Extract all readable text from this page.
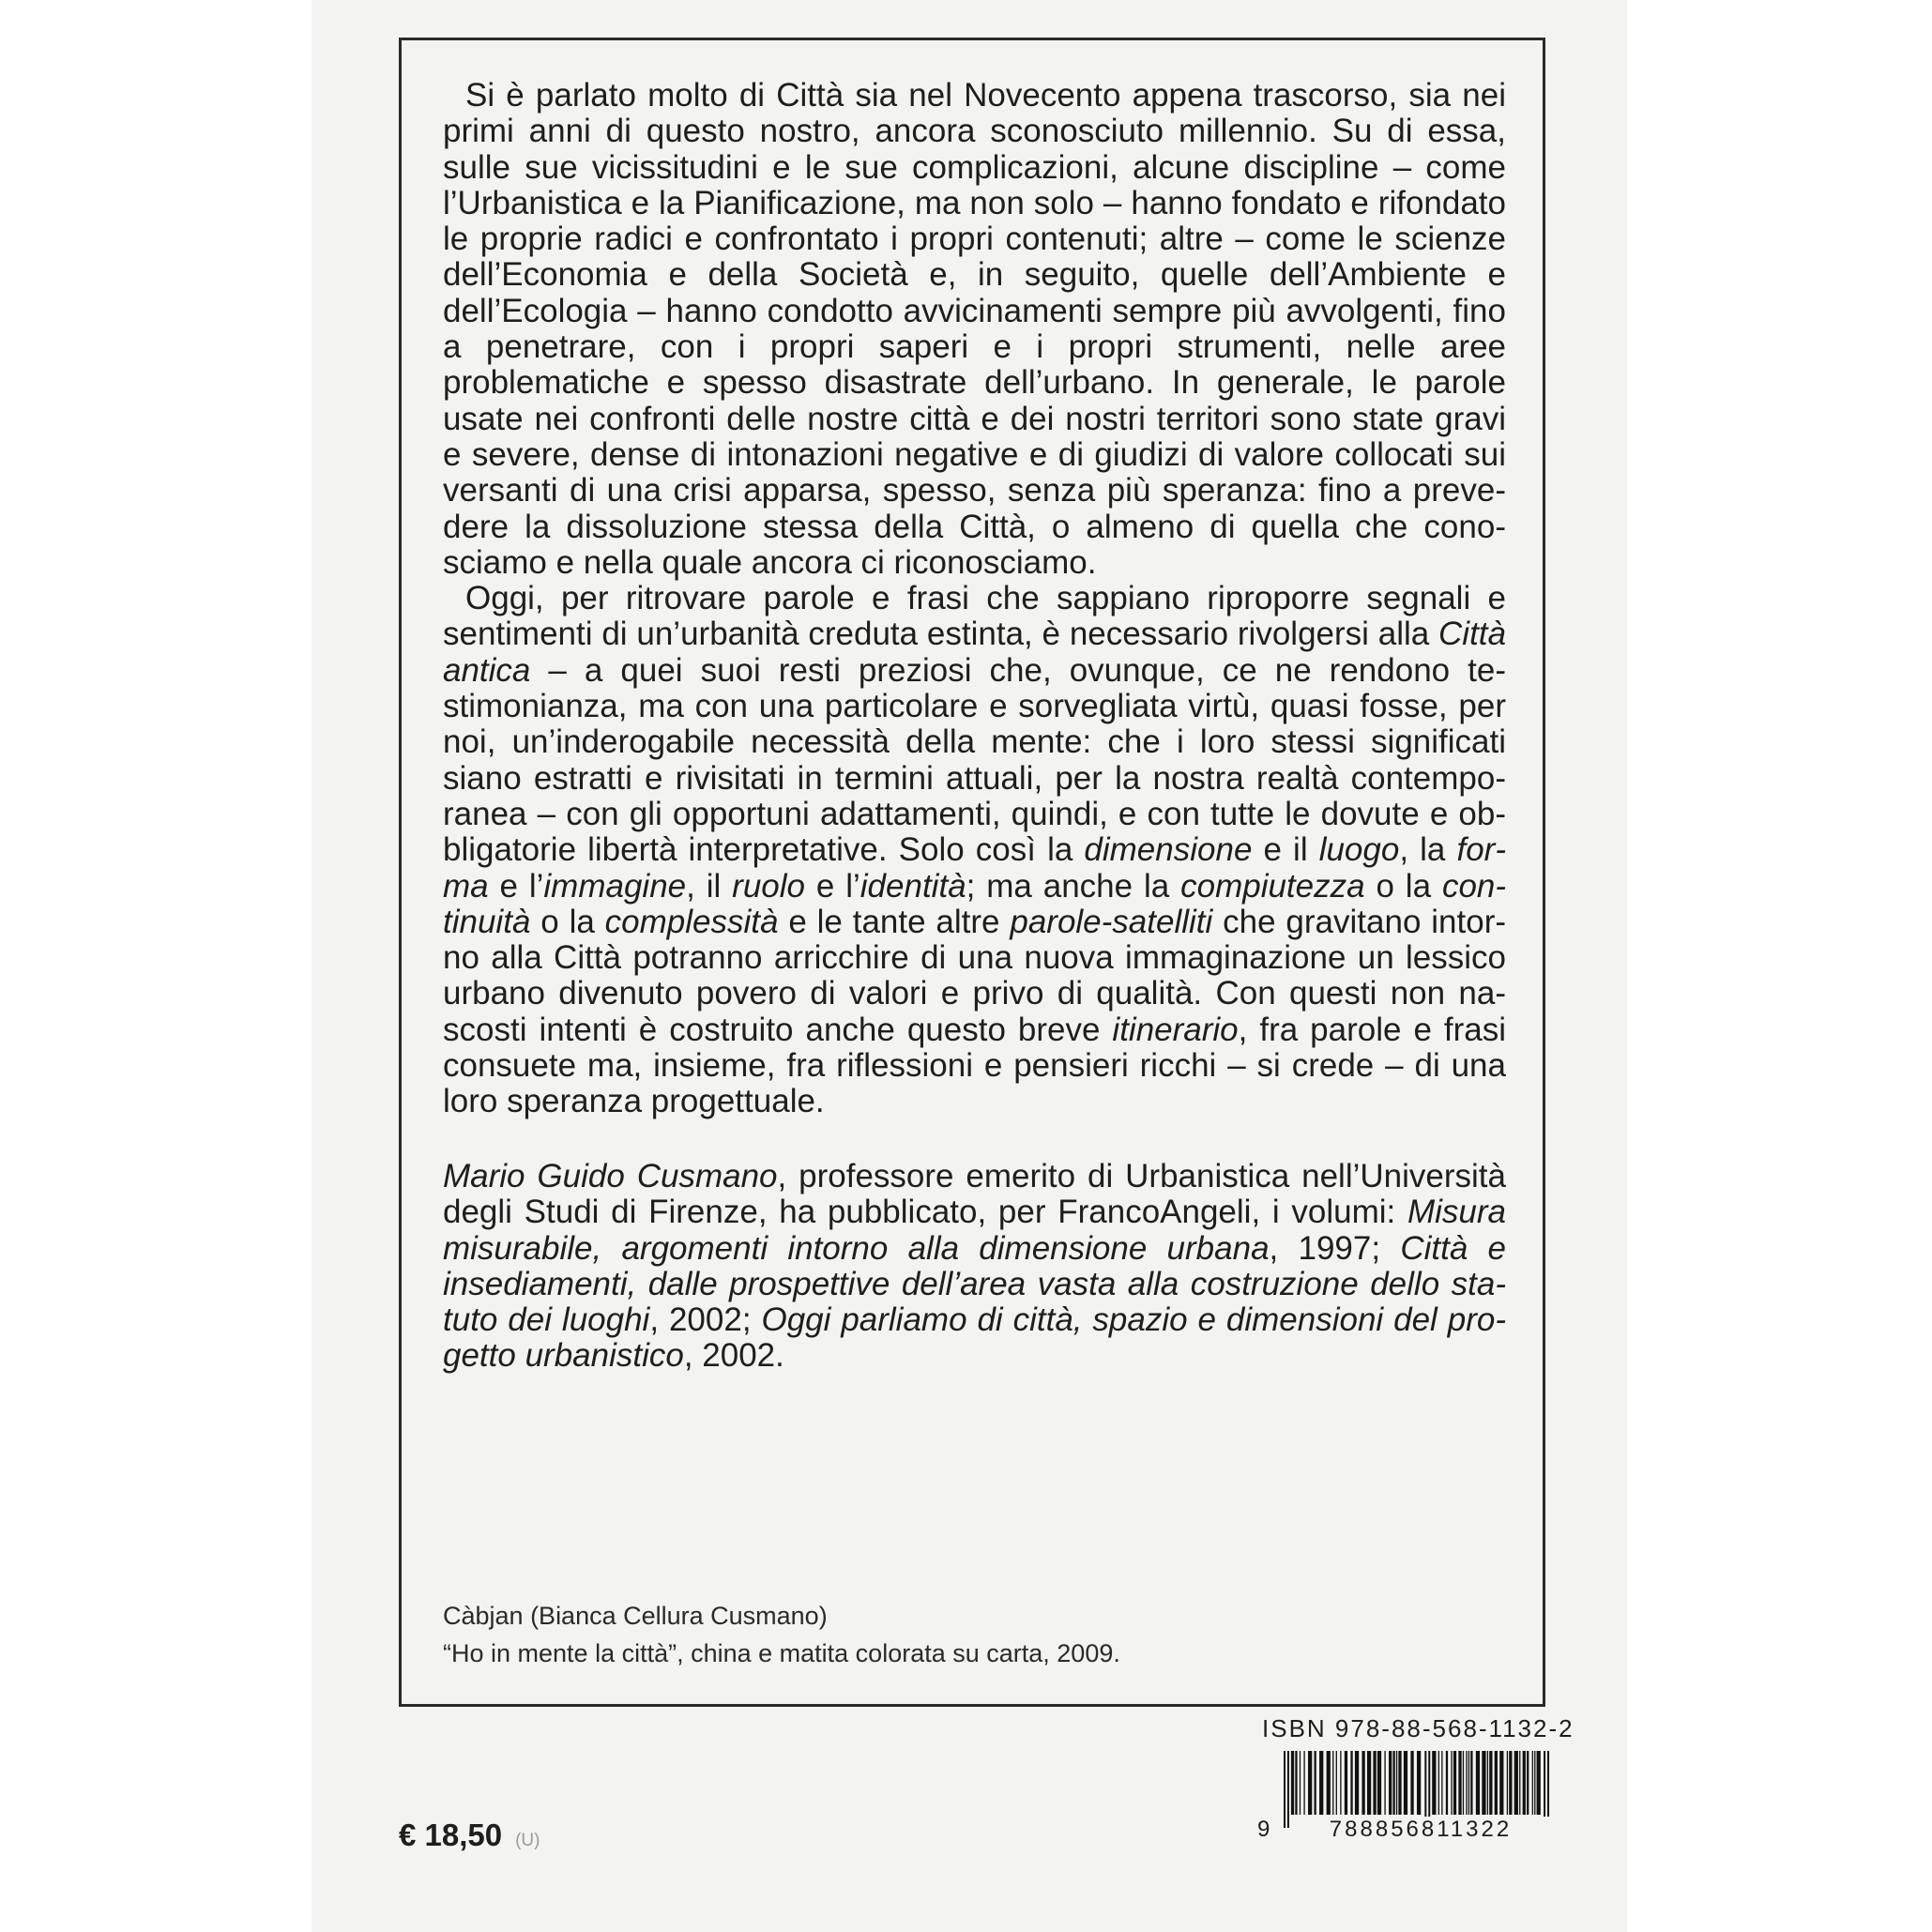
Si è parlato molto di Città sia nel Novecento appena trascorso, sia nei primi anni di questo nostro, ancora sconosciuto millennio. Su di essa, sulle sue vicissitudini e le sue complicazioni, alcune discipline – come l’Urbanistica e la Pianificazione, ma non solo – hanno fondato e rifondato le proprie radici e confrontato i propri contenuti; altre – come le scienze dell’Economia e della Società e, in seguito, quelle dell’Ambiente e dell’Ecologia – hanno condotto avvicinamenti sempre più avvolgenti, fino a penetrare, con i propri saperi e i propri strumenti, nelle aree problematiche e spesso disastrate dell’urbano. In generale, le parole usate nei confronti delle nostre città e dei nostri territori sono state gravi e severe, dense di intonazioni negative e di giudizi di valore collocati sui versanti di una crisi apparsa, spesso, senza più speranza: fino a prevedere la dissoluzione stessa della Città, o almeno di quella che conosciamo e nella quale ancora ci riconosciamo.

Oggi, per ritrovare parole e frasi che sappiano riproporre segnali e sentimenti di un’urbanità creduta estinta, è necessario rivolgersi alla Città antica – a quei suoi resti preziosi che, ovunque, ce ne rendono testimonianza, ma con una particolare e sorvegliata virtù, quasi fosse, per noi, un’inderogabile necessità della mente: che i loro stessi significati siano estratti e rivisitati in termini attuali, per la nostra realtà contemporanea – con gli opportuni adattamenti, quindi, e con tutte le dovute e obbligatorie libertà interpretative. Solo così la dimensione e il luogo, la forma e l’immagine, il ruolo e l’identità; ma anche la compiutezza o la continuità o la complessità e le tante altre parole-satelliti che gravitano intorno alla Città potranno arricchire di una nuova immaginazione un lessico urbano divenuto povero di valori e privo di qualità. Con questi non nascosti intenti è costruito anche questo breve itinerario, fra parole e frasi consuete ma, insieme, fra riflessioni e pensieri ricchi – si crede – di una loro speranza progettuale.

Mario Guido Cusmano, professore emerito di Urbanistica nell’Università degli Studi di Firenze, ha pubblicato, per FrancoAngeli, i volumi: Misura misurabile, argomenti intorno alla dimensione urbana, 1997; Città e insediamenti, dalle prospettive dell’area vasta alla costruzione dello statuto dei luoghi, 2002; Oggi parliamo di città, spazio e dimensioni del progetto urbanistico, 2002.

Càbjan (Bianca Cellura Cusmano)
“Ho in mente la città”, china e matita colorata su carta, 2009.
ISBN 978-88-568-1132-2
9	788856811322
€ 18,50 (U)
